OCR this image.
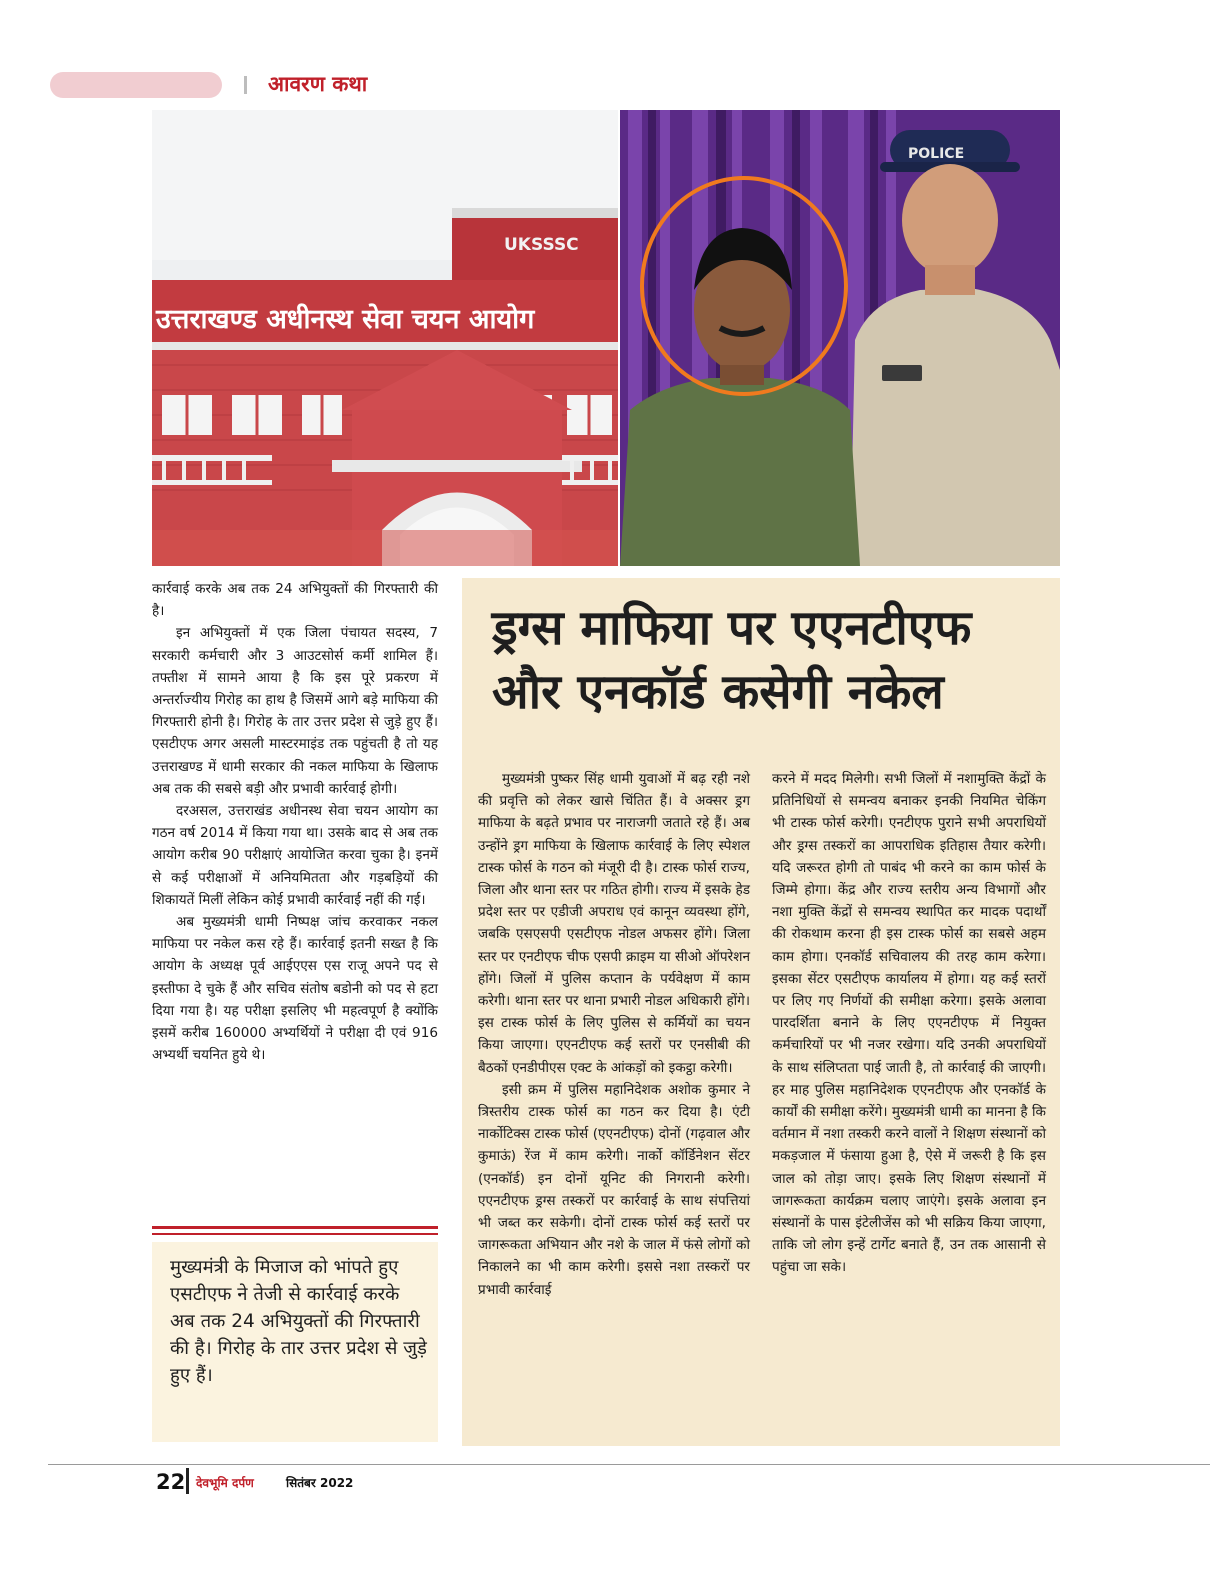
आवरण कथा
UKSSSC
उत्तराखण्ड अधीनस्थ सेवा चयन आयोग
POLICE

कार्रवाई करके अब तक 24 अभियुक्तों की गिरफ्तारी की है।

इन अभियुक्तों में एक जिला पंचायत सदस्य, 7 सरकारी कर्मचारी और 3 आउटसोर्स कर्मी शामिल हैं। तफ्तीश में सामने आया है कि इस पूरे प्रकरण में अन्तर्राज्यीय गिरोह का हाथ है जिसमें आगे बड़े माफिया की गिरफ्तारी होनी है। गिरोह के तार उत्तर प्रदेश से जुड़े हुए हैं। एसटीएफ अगर असली मास्टरमाइंड तक पहुंचती है तो यह उत्तराखण्ड में धामी सरकार की नकल माफिया के खिलाफ अब तक की सबसे बड़ी और प्रभावी कार्रवाई होगी।

दरअसल, उत्तराखंड अधीनस्थ सेवा चयन आयोग का गठन वर्ष 2014 में किया गया था। उसके बाद से अब तक आयोग करीब 90 परीक्षाएं आयोजित करवा चुका है। इनमें से कई परीक्षाओं में अनियमितता और गड़बड़ियों की शिकायतें मिलीं लेकिन कोई प्रभावी कार्रवाई नहीं की गई।

अब मुख्यमंत्री धामी निष्पक्ष जांच करवाकर नकल माफिया पर नकेल कस रहे हैं। कार्रवाई इतनी सख्त है कि आयोग के अध्यक्ष पूर्व आईएएस एस राजू अपने पद से इस्तीफा दे चुके हैं और सचिव संतोष बडोनी को पद से हटा दिया गया है। यह परीक्षा इसलिए भी महत्वपूर्ण है क्योंकि इसमें करीब 160000 अभ्यर्थियों ने परीक्षा दी एवं 916 अभ्यर्थी चयनित हुये थे।

मुख्यमंत्री के मिजाज को भांपते हुए एसटीएफ ने तेजी से कार्रवाई करके अब तक 24 अभियुक्तों की गिरफ्तारी की है। गिरोह के तार उत्तर प्रदेश से जुड़े हुए हैं।
ड्रग्स माफिया पर एएनटीएफ
और एनकॉर्ड कसेगी नकेल

मुख्यमंत्री पुष्कर सिंह धामी युवाओं में बढ़ रही नशे की प्रवृत्ति को लेकर खासे चिंतित हैं। वे अक्सर ड्रग माफिया के बढ़ते प्रभाव पर नाराजगी जताते रहे हैं। अब उन्होंने ड्रग माफिया के खिलाफ कार्रवाई के लिए स्पेशल टास्क फोर्स के गठन को मंजूरी दी है। टास्क फोर्स राज्य, जिला और थाना स्तर पर गठित होगी। राज्य में इसके हेड प्रदेश स्तर पर एडीजी अपराध एवं कानून व्यवस्था होंगे, जबकि एसएसपी एसटीएफ नोडल अफसर होंगे। जिला स्तर पर एनटीएफ चीफ एसपी क्राइम या सीओ ऑपरेशन होंगे। जिलों में पुलिस कप्तान के पर्यवेक्षण में काम करेगी। थाना स्तर पर थाना प्रभारी नोडल अधिकारी होंगे। इस टास्क फोर्स के लिए पुलिस से कर्मियों का चयन किया जाएगा। एएनटीएफ कई स्तरों पर एनसीबी की बैठकों एनडीपीएस एक्ट के आंकड़ों को इकट्ठा करेगी।

इसी क्रम में पुलिस महानिदेशक अशोक कुमार ने त्रिस्तरीय टास्क फोर्स का गठन कर दिया है। एंटी नार्कोटिक्स टास्क फोर्स (एएनटीएफ) दोनों (गढ़वाल और कुमाऊं) रेंज में काम करेगी। नार्को कॉर्डिनेशन सेंटर (एनकॉर्ड) इन दोनों यूनिट की निगरानी करेगी। एएनटीएफ ड्रग्स तस्करों पर कार्रवाई के साथ संपत्तियां भी जब्त कर सकेगी। दोनों टास्क फोर्स कई स्तरों पर जागरूकता अभियान और नशे के जाल में फंसे लोगों को निकालने का भी काम करेगी। इससे नशा तस्करों पर प्रभावी कार्रवाई

करने में मदद मिलेगी। सभी जिलों में नशामुक्ति केंद्रों के प्रतिनिधियों से समन्वय बनाकर इनकी नियमित चेकिंग भी टास्क फोर्स करेगी। एनटीएफ पुराने सभी अपराधियों और ड्रग्स तस्करों का आपराधिक इतिहास तैयार करेगी। यदि जरूरत होगी तो पाबंद भी करने का काम फोर्स के जिम्मे होगा। केंद्र और राज्य स्तरीय अन्य विभागों और नशा मुक्ति केंद्रों से समन्वय स्थापित कर मादक पदार्थों की रोकथाम करना ही इस टास्क फोर्स का सबसे अहम काम होगा। एनकॉर्ड सचिवालय की तरह काम करेगा। इसका सेंटर एसटीएफ कार्यालय में होगा। यह कई स्तरों पर लिए गए निर्णयों की समीक्षा करेगा। इसके अलावा पारदर्शिता बनाने के लिए एएनटीएफ में नियुक्त कर्मचारियों पर भी नजर रखेगा। यदि उनकी अपराधियों के साथ संलिप्तता पाई जाती है, तो कार्रवाई की जाएगी। हर माह पुलिस महानिदेशक एएनटीएफ और एनकॉर्ड के कार्यों की समीक्षा करेंगे। मुख्यमंत्री धामी का मानना है कि वर्तमान में नशा तस्करी करने वालों ने शिक्षण संस्थानों को मकड़जाल में फंसाया हुआ है, ऐसे में जरूरी है कि इस जाल को तोड़ा जाए। इसके लिए शिक्षण संस्थानों में जागरूकता कार्यक्रम चलाए जाएंगे। इसके अलावा इन संस्थानों के पास इंटेलीजेंस को भी सक्रिय किया जाएगा, ताकि जो लोग इन्हें टार्गेट बनाते हैं, उन तक आसानी से पहुंचा जा सके।

22 देवभूमि दर्पण	सितंबर 2022
